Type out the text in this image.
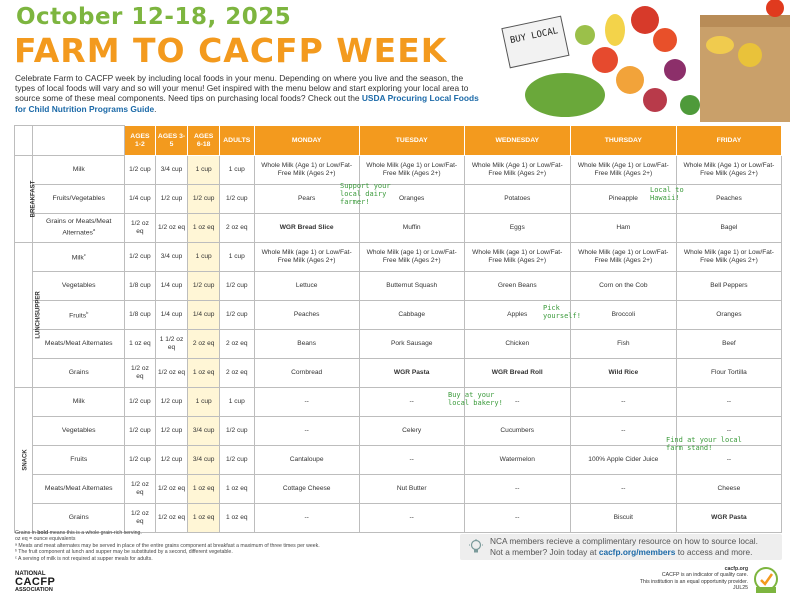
October 12-18, 2025
FARM TO CACFP WEEK
Celebrate Farm to CACFP week by including local foods in your menu. Depending on where you live and the season, the types of local foods will vary and so will your menu! Get inspired with the menu below and start exploring your local area to source some of these meal components. Need tips on purchasing local foods? Check out the USDA Procuring Local Foods for Child Nutrition Programs Guide.
BUY LOCAL
		AGES 1-2	AGES 3-5	AGES 6-18	ADULTS	MONDAY	TUESDAY	WEDNESDAY	THURSDAY	FRIDAY
BREAKFAST	Milk	1/2 cup	3/4 cup	1 cup	1 cup	Whole Milk (Age 1) or Low/Fat-Free Milk (Ages 2+)	Whole Milk (Age 1) or Low/Fat-Free Milk (Ages 2+)	Whole Milk (Age 1) or Low/Fat-Free Milk (Ages 2+)	Whole Milk (Age 1) or Low/Fat-Free Milk (Ages 2+)	Whole Milk (Age 1) or Low/Fat-Free Milk (Ages 2+)
	Fruits/Vegetables	1/4 cup	1/2 cup	1/2 cup	1/2 cup	Pears	Oranges	Potatoes	Pineapple	Peaches
	Grains or Meats/Meat Alternates$^a$	1/2 oz eq	1/2 oz eq	1 oz eq	2 oz eq	WGR Bread Slice	Muffin	Eggs	Ham	Bagel
LUNCH/SUPPER	Milk$^c$	1/2 cup	3/4 cup	1 cup	1 cup	Whole Milk (age 1) or Low/Fat-Free Milk (Ages 2+)	Whole Milk (age 1) or Low/Fat-Free Milk (Ages 2+)	Whole Milk (age 1) or Low/Fat-Free Milk (Ages 2+)	Whole Milk (age 1) or Low/Fat-Free Milk (Ages 2+)	Whole Milk (age 1) or Low/Fat-Free Milk (Ages 2+)
	Vegetables	1/8 cup	1/4 cup	1/2 cup	1/2 cup	Lettuce	Butternut Squash	Green Beans	Corn on the Cob	Bell Peppers
	Fruits$^b$	1/8 cup	1/4 cup	1/4 cup	1/2 cup	Peaches	Cabbage	Apples	Broccoli	Oranges
	Meats/Meat Alternates	1 oz eq	1 1/2 oz eq	2 oz eq	2 oz eq	Beans	Pork Sausage	Chicken	Fish	Beef
	Grains	1/2 oz eq	1/2 oz eq	1 oz eq	2 oz eq	Cornbread	WGR Pasta	WGR Bread Roll	Wild Rice	Flour Tortilla
SNACK	Milk	1/2 cup	1/2 cup	1 cup	1 cup	--	--	--	--	--
	Vegetables	1/2 cup	1/2 cup	3/4 cup	1/2 cup	--	Celery	Cucumbers	--	--
	Fruits	1/2 cup	1/2 cup	3/4 cup	1/2 cup	Cantaloupe	--	Watermelon	100% Apple Cider Juice	--
	Meats/Meat Alternates	1/2 oz eq	1/2 oz eq	1 oz eq	1 oz eq	Cottage Cheese	Nut Butter	--	--	Cheese
	Grains	1/2 oz eq	1/2 oz eq	1 oz eq	1 oz eq	--	--	--	Biscuit	WGR Pasta
Support your local dairy farmer!
Local to Hawaii!
Pick yourself!
Buy at your local bakery!
Find at your local farm stand!
Grains in bold means this is a whole grain-rich serving.
oz eq = ounce equivalents
ᵃ Meats and meat alternates may be served in place of the entire grains component at breakfast a maximum of three times per week.
ᵇ The fruit component at lunch and supper may be substituted by a second, different vegetable.
ᶜ A serving of milk is not required at supper meals for adults.
NATIONAL
CACFP
ASSOCIATION
NCA members recieve a complimentary resource on how to source local.
Not a member? Join today at cacfp.org/members to access and more.
cacfp.org
CACFP is an indicator of quality care.
This institution is an equal opportunity provider.
JUL25
